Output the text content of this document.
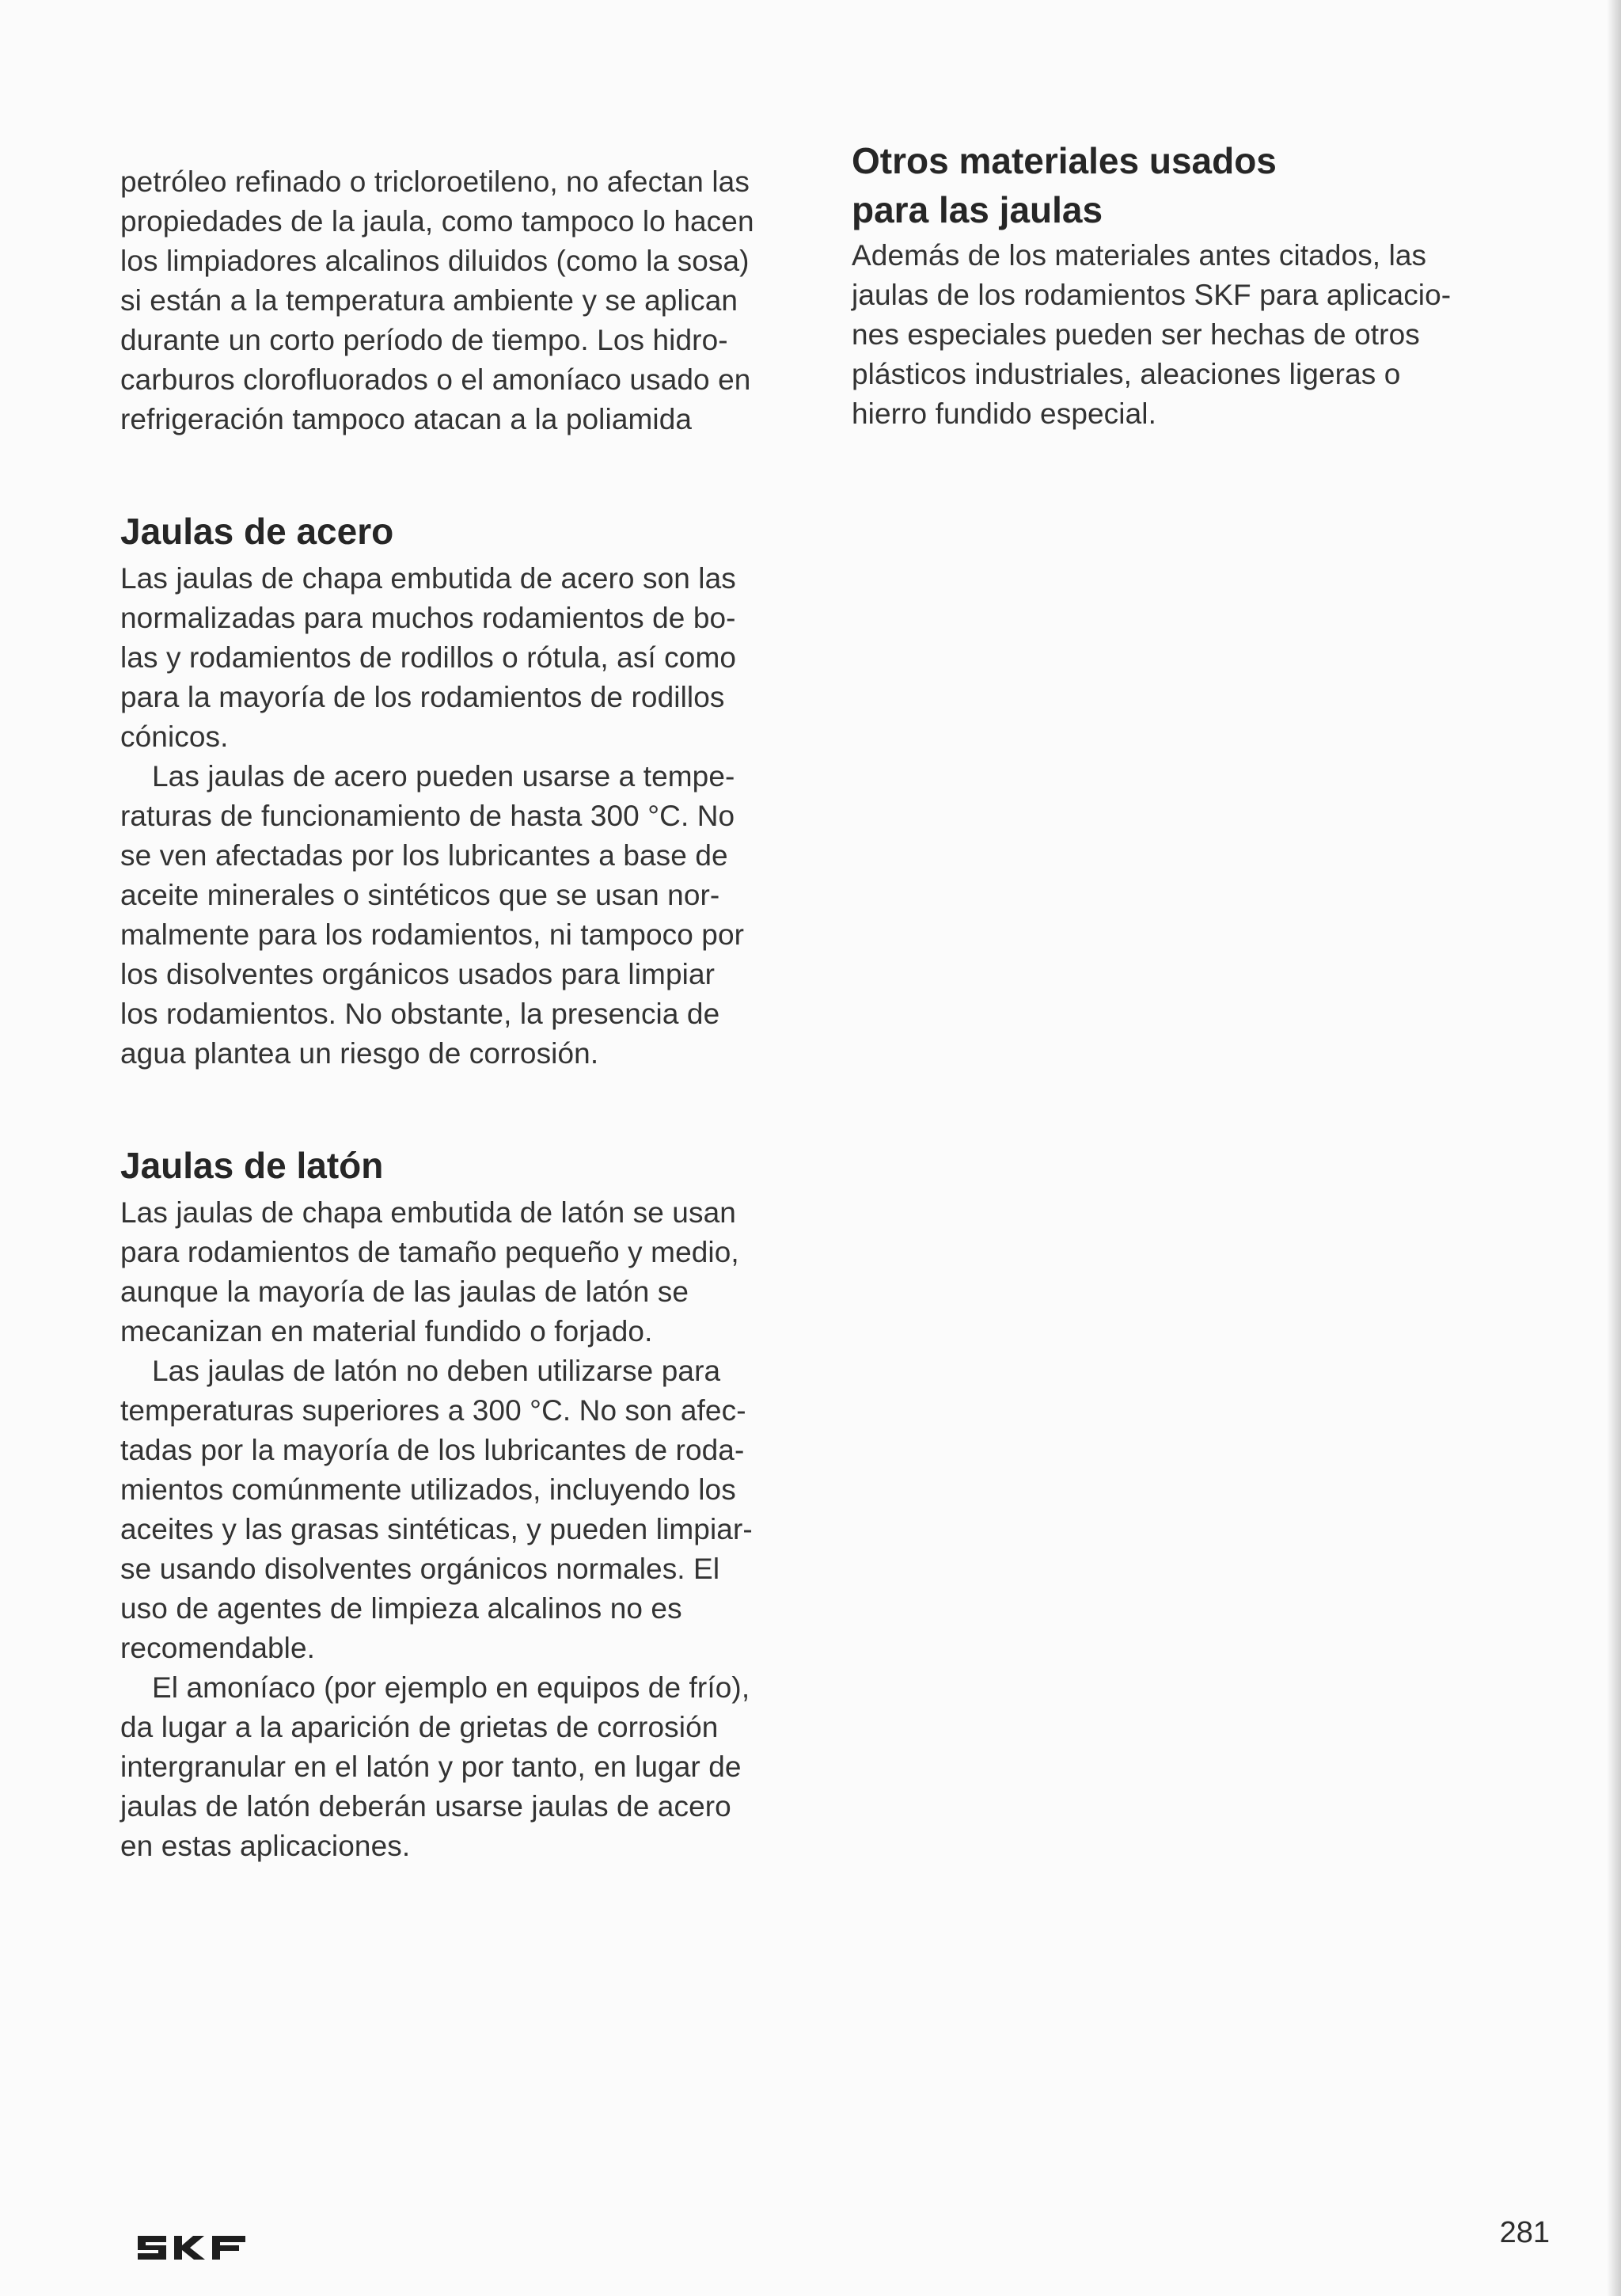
petróleo refinado o tricloroetileno, no afectan las
propiedades de la jaula, como tampoco lo hacen
los limpiadores alcalinos diluidos (como la sosa)
si están a la temperatura ambiente y se aplican
durante un corto período de tiempo. Los hidro-
carburos clorofluorados o el amoníaco usado en
refrigeración tampoco atacan a la poliamida

Jaulas de acero

Las jaulas de chapa embutida de acero son las
normalizadas para muchos rodamientos de bo-
las y rodamientos de rodillos o rótula, así como
para la mayoría de los rodamientos de rodillos
cónicos.

Las jaulas de acero pueden usarse a tempe-
raturas de funcionamiento de hasta 300 °C. No
se ven afectadas por los lubricantes a base de
aceite minerales o sintéticos que se usan nor-
malmente para los rodamientos, ni tampoco por
los disolventes orgánicos usados para limpiar
los rodamientos. No obstante, la presencia de
agua plantea un riesgo de corrosión.

Jaulas de latón

Las jaulas de chapa embutida de latón se usan
para rodamientos de tamaño pequeño y medio,
aunque la mayoría de las jaulas de latón se
mecanizan en material fundido o forjado.

Las jaulas de latón no deben utilizarse para
temperaturas superiores a 300 °C. No son afec-
tadas por la mayoría de los lubricantes de roda-
mientos comúnmente utilizados, incluyendo los
aceites y las grasas sintéticas, y pueden limpiar-
se usando disolventes orgánicos normales. El
uso de agentes de limpieza alcalinos no es
recomendable.

El amoníaco (por ejemplo en equipos de frío),
da lugar a la aparición de grietas de corrosión
intergranular en el latón y por tanto, en lugar de
jaulas de latón deberán usarse jaulas de acero
en estas aplicaciones.

Otros materiales usados
para las jaulas

Además de los materiales antes citados, las
jaulas de los rodamientos SKF para aplicacio-
nes especiales pueden ser hechas de otros
plásticos industriales, aleaciones ligeras o
hierro fundido especial.

281
